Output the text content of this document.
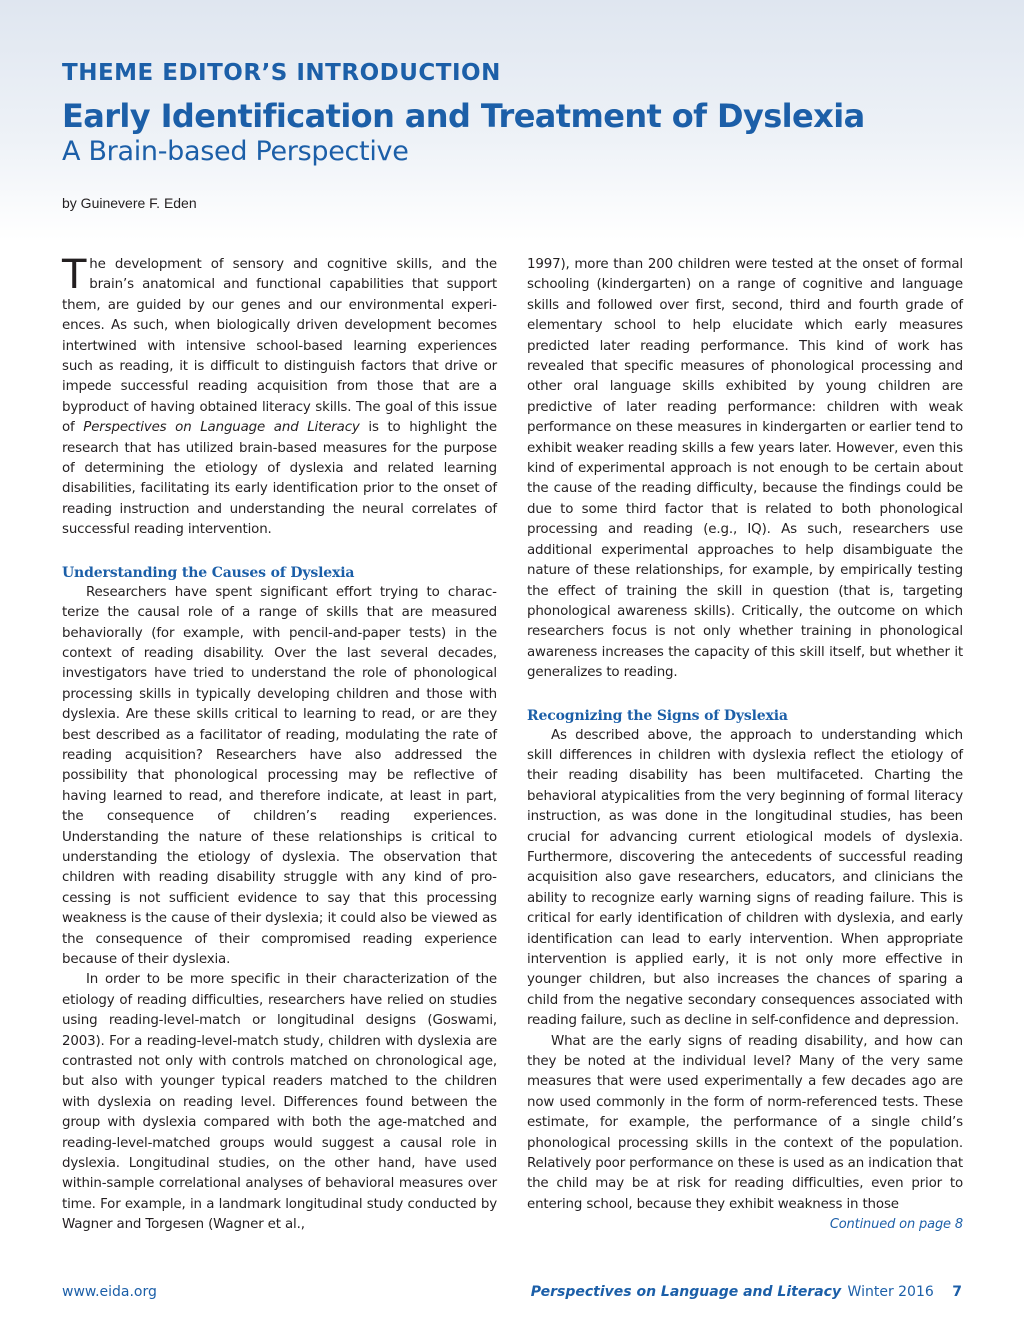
THEME EDITOR’S INTRODUCTION
Early Identification and Treatment of Dyslexia
A Brain-based Perspective
by Guinevere F. Eden

The development of sensory and cognitive skills, and the brain’s anatomical and functional capabilities that support them, are guided by our genes and our environmental experiences. As such, when biologically driven development becomes intertwined with intensive school-based learning experiences such as reading, it is difficult to distinguish factors that drive or impede successful reading acquisition from those that are a byproduct of having obtained literacy skills. The goal of this issue of Perspectives on Language and Literacy is to highlight the research that has utilized brain-based measures for the purpose of determining the etiology of dyslexia and related learning disabilities, facilitating its early identification prior to the onset of reading instruction and understanding the neural correlates of successful reading intervention.

Understanding the Causes of Dyslexia

Researchers have spent significant effort trying to characterize the causal role of a range of skills that are measured behaviorally (for example, with pencil-and-paper tests) in the context of reading disability. Over the last several decades, investigators have tried to understand the role of phonological processing skills in typically developing children and those with dyslexia. Are these skills critical to learning to read, or are they best described as a facilitator of reading, modulating the rate of reading acquisition? Researchers have also addressed the possibility that phonological processing may be reflective of having learned to read, and therefore indicate, at least in part, the consequence of children’s reading experiences. Understanding the nature of these relationships is critical to understanding the etiology of dyslexia. The observation that children with reading disability struggle with any kind of processing is not sufficient evidence to say that this processing weakness is the cause of their dyslexia; it could also be viewed as the consequence of their compromised reading experience because of their dyslexia.

In order to be more specific in their characterization of the etiology of reading difficulties, researchers have relied on studies using reading-level-match or longitudinal designs (Goswami, 2003). For a reading-level-match study, children with dyslexia are contrasted not only with controls matched on chronological age, but also with younger typical readers matched to the children with dyslexia on reading level. Differences found between the group with dyslexia compared with both the age-matched and reading-level-matched groups would suggest a causal role in dyslexia. Longitudinal studies, on the other hand, have used within-sample correlational analyses of behavioral measures over time. For example, in a landmark longitudinal study conducted by Wagner and Torgesen (Wagner et al.,

1997), more than 200 children were tested at the onset of formal schooling (kindergarten) on a range of cognitive and language skills and followed over first, second, third and fourth grade of elementary school to help elucidate which early measures predicted later reading performance. This kind of work has revealed that specific measures of phonological processing and other oral language skills exhibited by young children are predictive of later reading performance: children with weak performance on these measures in kindergarten or earlier tend to exhibit weaker reading skills a few years later. However, even this kind of experimental approach is not enough to be certain about the cause of the reading difficulty, because the findings could be due to some third factor that is related to both phonological processing and reading (e.g., IQ). As such, researchers use additional experimental approaches to help disambiguate the nature of these relationships, for example, by empirically testing the effect of training the skill in question (that is, targeting phonological awareness skills). Critically, the outcome on which researchers focus is not only whether training in phonological awareness increases the capacity of this skill itself, but whether it generalizes to reading.

Recognizing the Signs of Dyslexia

As described above, the approach to understanding which skill differences in children with dyslexia reflect the etiology of their reading disability has been multifaceted. Charting the behavioral atypicalities from the very beginning of formal literacy instruction, as was done in the longitudinal studies, has been crucial for advancing current etiological models of dyslexia. Furthermore, discovering the antecedents of successful reading acquisition also gave researchers, educators, and clinicians the ability to recognize early warning signs of reading failure. This is critical for early identification of children with dyslexia, and early identification can lead to early intervention. When appropriate intervention is applied early, it is not only more effective in younger children, but also increases the chances of sparing a child from the negative secondary consequences associated with reading failure, such as decline in self-confidence and depression.

What are the early signs of reading disability, and how can they be noted at the individual level? Many of the very same measures that were used experimentally a few decades ago are now used commonly in the form of norm-referenced tests. These estimate, for example, the performance of a single child’s phonological processing skills in the context of the population. Relatively poor performance on these is used as an indication that the child may be at risk for reading difficulties, even prior to entering school, because they exhibit weakness in those

Continued on page 8
www.eida.org	Perspectives on Language and Literacy Winter 2016 7
